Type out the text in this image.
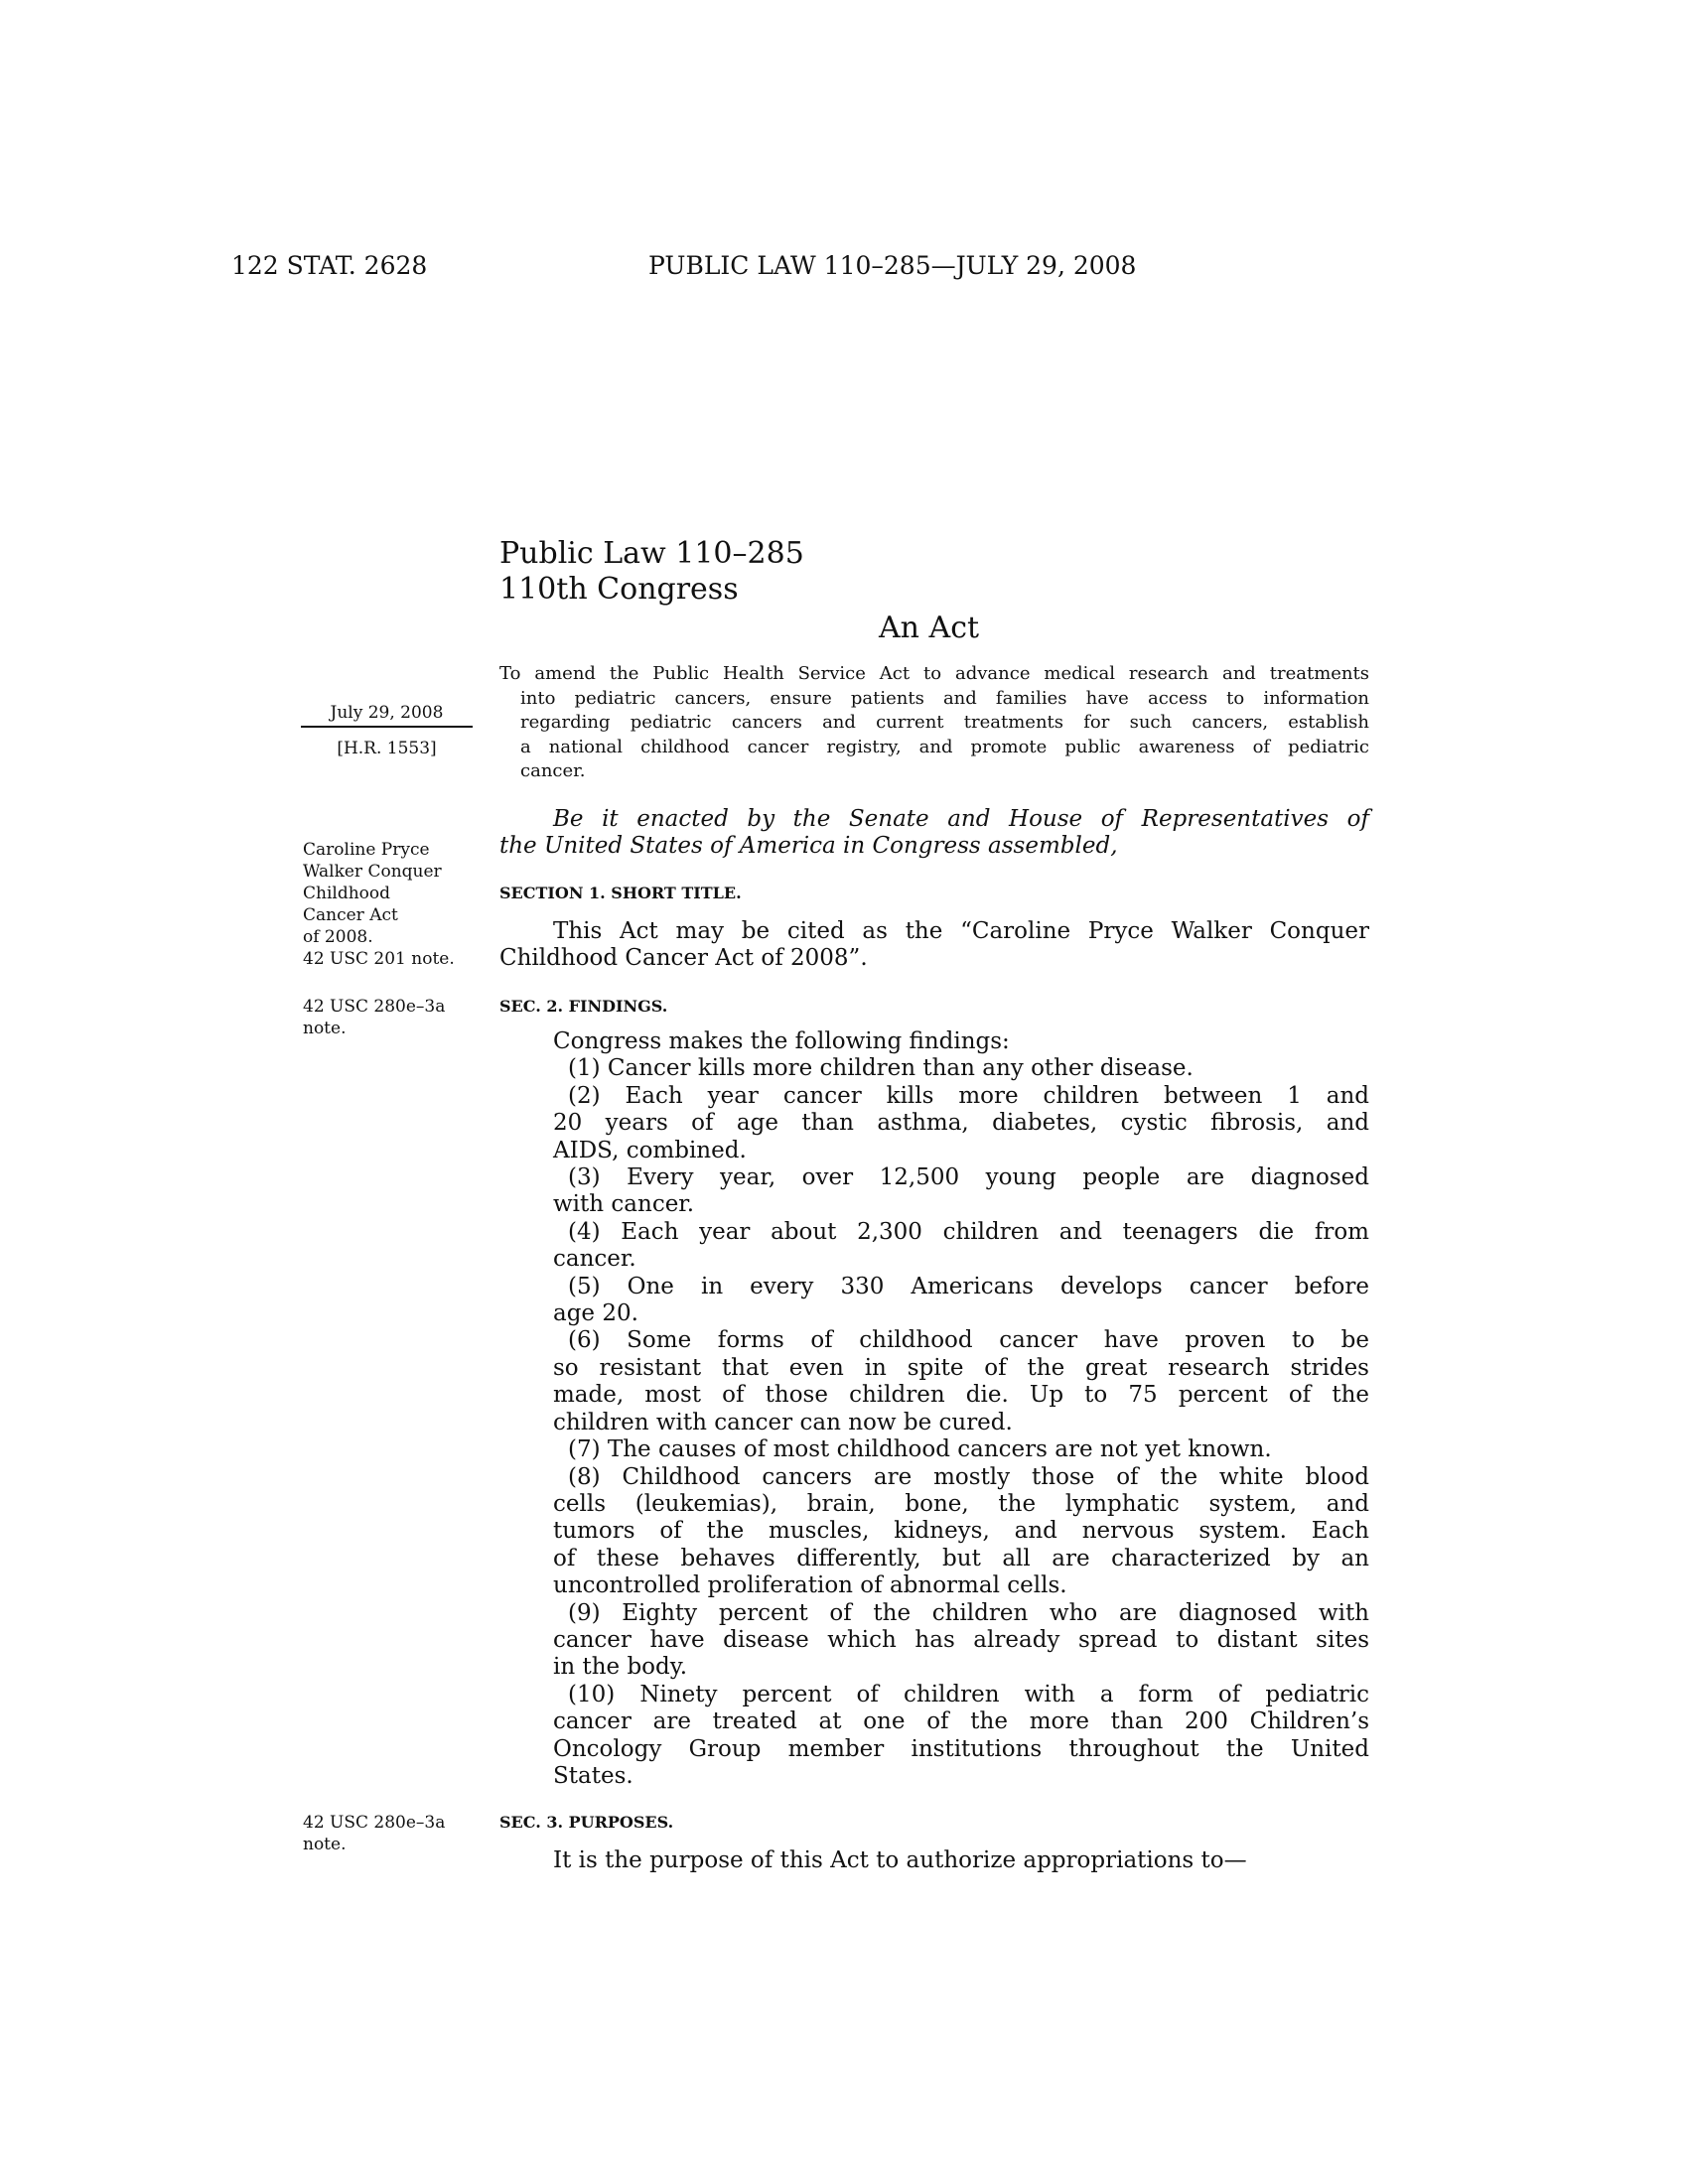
122 STAT. 2628	PUBLIC LAW 110–285—JULY 29, 2008
Public Law 110–285
110th Congress
An Act
To amend the Public Health Service Act to advance medical research and treatments
into pediatric cancers, ensure patients and families have access to information
regarding pediatric cancers and current treatments for such cancers, establish
a national childhood cancer registry, and promote public awareness of pediatric
cancer.
July 29, 2008
[H.R. 1553]
Caroline Pryce
Walker Conquer
Childhood
Cancer Act
of 2008.
42 USC 201 note.
42 USC 280e–3a
note.
42 USC 280e–3a
note.
Be it enacted by the Senate and House of Representatives of
the United States of America in Congress assembled,
SECTION 1. SHORT TITLE.
This Act may be cited as the “Caroline Pryce Walker Conquer
Childhood Cancer Act of 2008”.
SEC. 2. FINDINGS.
Congress makes the following findings:
(1) Cancer kills more children than any other disease.
(2) Each year cancer kills more children between 1 and
20 years of age than asthma, diabetes, cystic fibrosis, and
AIDS, combined.
(3) Every year, over 12,500 young people are diagnosed
with cancer.
(4) Each year about 2,300 children and teenagers die from
cancer.
(5) One in every 330 Americans develops cancer before
age 20.
(6) Some forms of childhood cancer have proven to be
so resistant that even in spite of the great research strides
made, most of those children die. Up to 75 percent of the
children with cancer can now be cured.
(7) The causes of most childhood cancers are not yet known.
(8) Childhood cancers are mostly those of the white blood
cells (leukemias), brain, bone, the lymphatic system, and
tumors of the muscles, kidneys, and nervous system. Each
of these behaves differently, but all are characterized by an
uncontrolled proliferation of abnormal cells.
(9) Eighty percent of the children who are diagnosed with
cancer have disease which has already spread to distant sites
in the body.
(10) Ninety percent of children with a form of pediatric
cancer are treated at one of the more than 200 Children’s
Oncology Group member institutions throughout the United
States.
SEC. 3. PURPOSES.
It is the purpose of this Act to authorize appropriations to—
